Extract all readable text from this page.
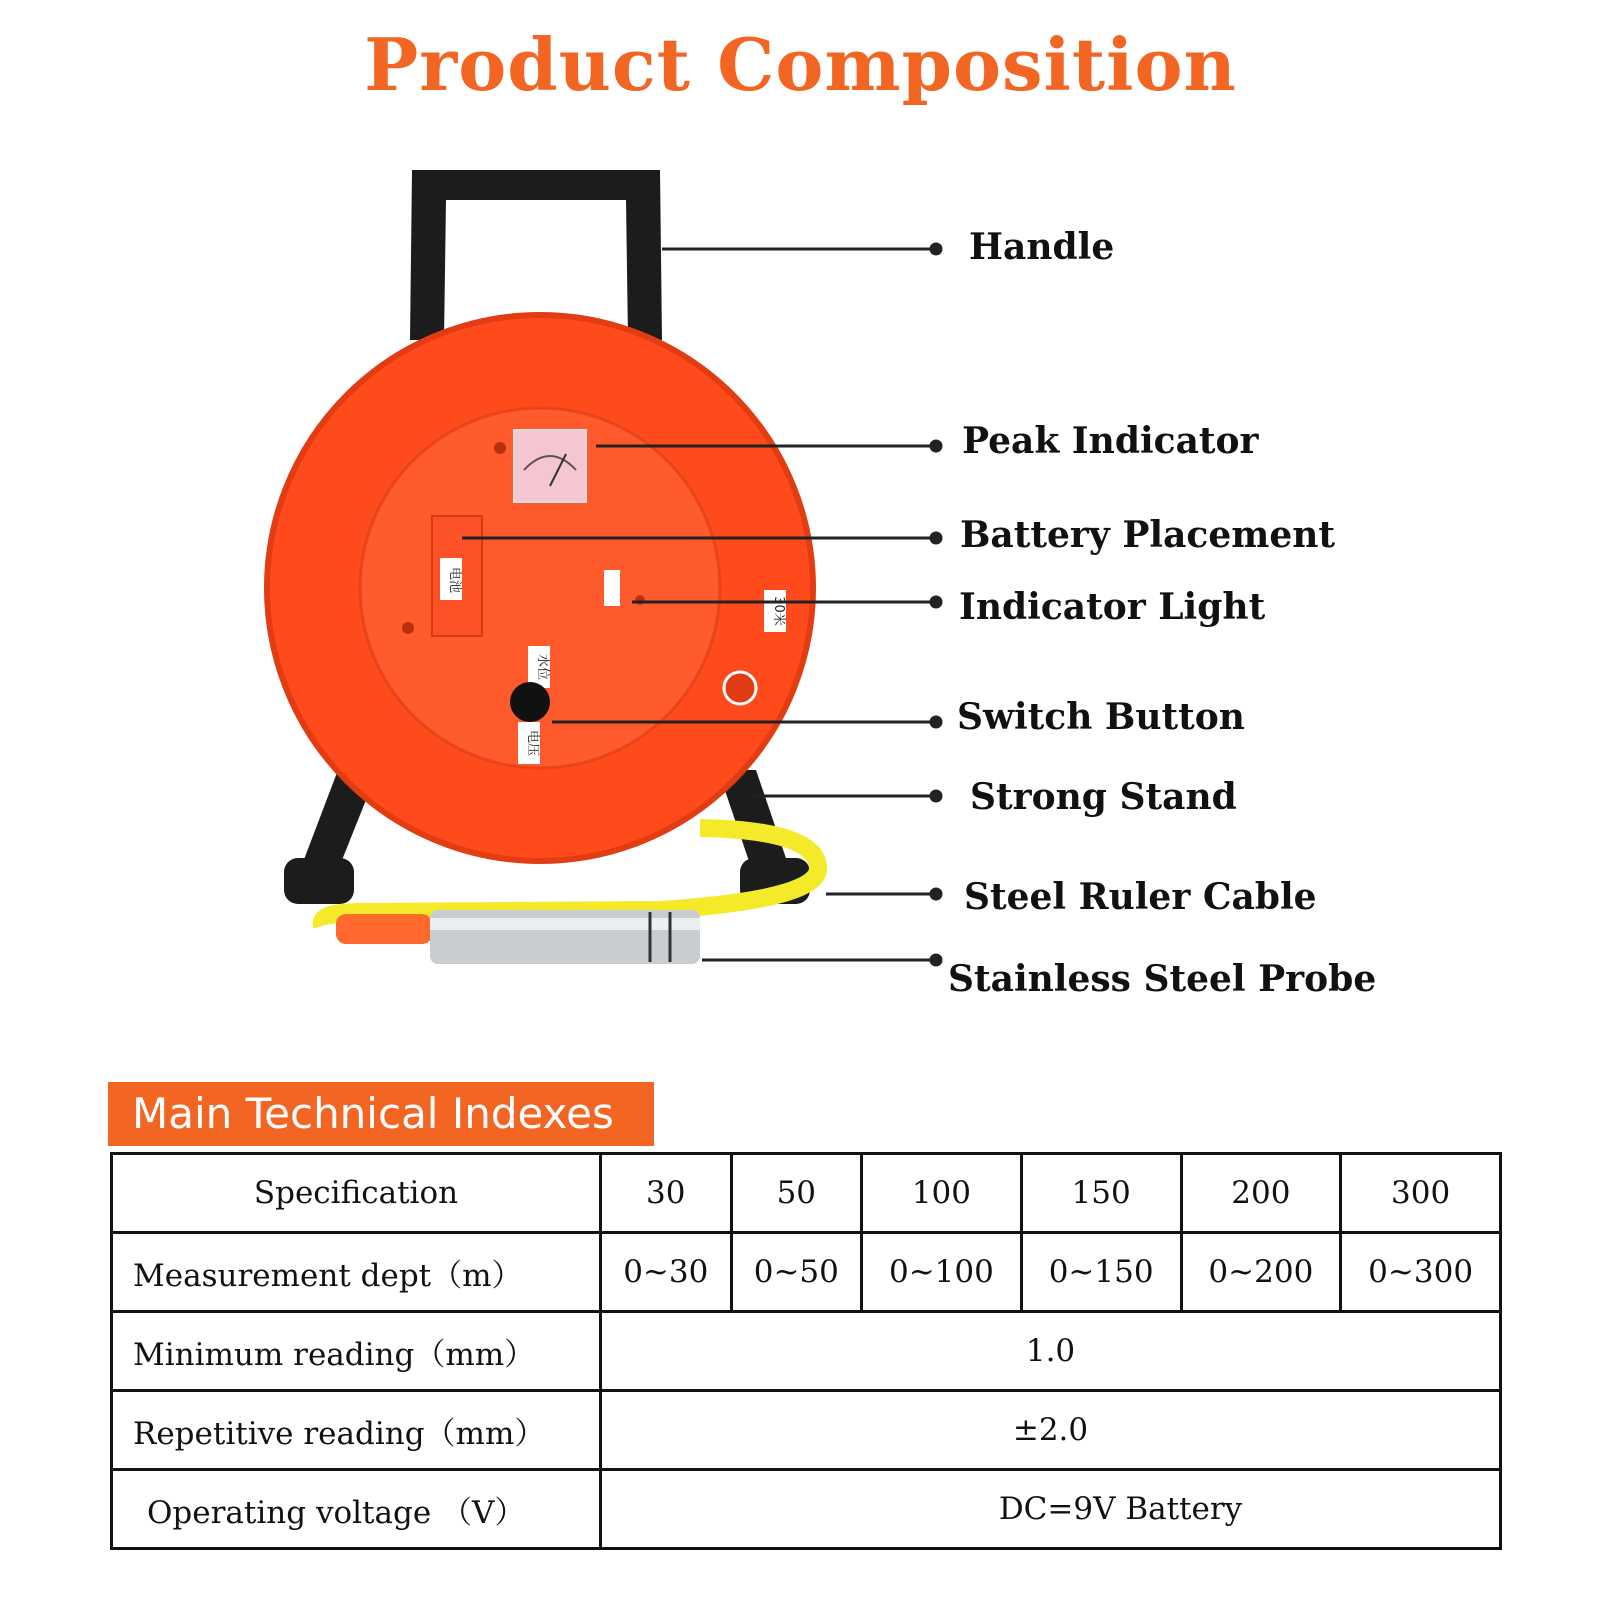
Product Composition
电池
水位
电压
30米
Handle
Peak Indicator
Battery Placement
Indicator Light
Switch Button
Strong Stand
Steel Ruler Cable
Stainless Steel Probe
Main Technical Indexes
Specification	30	50	100	150	200	300
Measurement dept（m）	0~30	0~50	0~100	0~150	0~200	0~300
Minimum reading（mm）	1.0					
Repetitive reading（mm）	±2.0					
Operating voltage （V）	DC=9V Battery					
